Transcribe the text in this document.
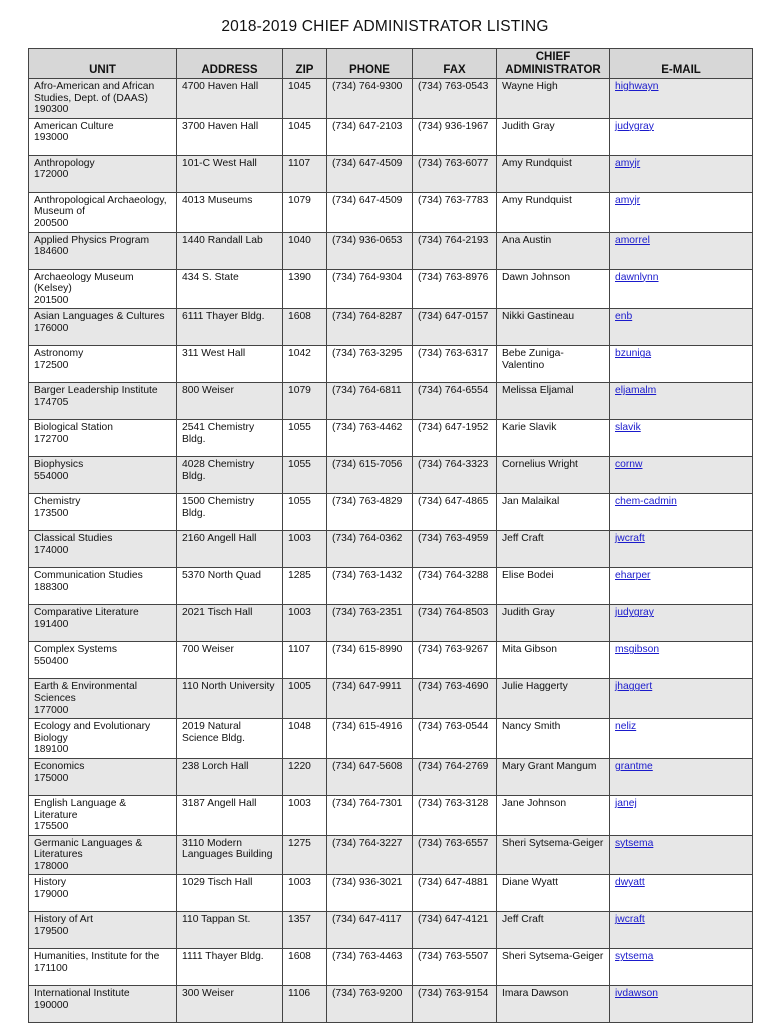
2018-2019 CHIEF ADMINISTRATOR LISTING
UNIT	ADDRESS	ZIP	PHONE	FAX	CHIEF ADMINISTRATOR	E-MAIL

Afro-American and African Studies, Dept. of (DAAS)
190300	4700 Haven Hall	1045	(734) 764-9300	(734) 763-0543	Wayne High	highwayn

American Culture
193000	3700 Haven Hall	1045	(734) 647-2103	(734) 936-1967	Judith Gray	judygray

Anthropology
172000	101-C West Hall	1107	(734) 647-4509	(734) 763-6077	Amy Rundquist	amyjr

Anthropological Archaeology, Museum of
200500	4013 Museums	1079	(734) 647-4509	(734) 763-7783	Amy Rundquist	amyjr

Applied Physics Program
184600	1440 Randall Lab	1040	(734) 936-0653	(734) 764-2193	Ana Austin	amorrel

Archaeology Museum (Kelsey)
201500	434 S. State	1390	(734) 764-9304	(734) 763-8976	Dawn Johnson	dawnlynn

Asian Languages & Cultures
176000	6111 Thayer Bldg.	1608	(734) 764-8287	(734) 647-0157	Nikki Gastineau	enb

Astronomy
172500	311 West Hall	1042	(734) 763-3295	(734) 763-6317	Bebe Zuniga-Valentino	bzuniga

Barger Leadership Institute
174705	800 Weiser	1079	(734) 764-6811	(734) 764-6554	Melissa Eljamal	eljamalm

Biological Station
172700	2541 Chemistry Bldg.	1055	(734) 763-4462	(734) 647-1952	Karie Slavik	slavik

Biophysics
554000	4028 Chemistry Bldg.	1055	(734) 615-7056	(734) 764-3323	Cornelius Wright	cornw

Chemistry
173500	1500 Chemistry Bldg.	1055	(734) 763-4829	(734) 647-4865	Jan Malaikal	chem-cadmin

Classical Studies
174000	2160 Angell Hall	1003	(734) 764-0362	(734) 763-4959	Jeff Craft	jwcraft

Communication Studies
188300	5370 North Quad	1285	(734) 763-1432	(734) 764-3288	Elise Bodei	eharper

Comparative Literature
191400	2021 Tisch Hall	1003	(734) 763-2351	(734) 764-8503	Judith Gray	judygray

Complex Systems
550400	700 Weiser	1107	(734) 615-8990	(734) 763-9267	Mita Gibson	msgibson

Earth & Environmental Sciences
177000	110 North University	1005	(734) 647-9911	(734) 763-4690	Julie Haggerty	jhaggert

Ecology and Evolutionary Biology
189100	2019 Natural Science Bldg.	1048	(734) 615-4916	(734) 763-0544	Nancy Smith	neliz

Economics
175000	238 Lorch Hall	1220	(734) 647-5608	(734) 764-2769	Mary Grant Mangum	grantme

English Language & Literature
175500	3187 Angell Hall	1003	(734) 764-7301	(734) 763-3128	Jane Johnson	janej

Germanic Languages & Literatures
178000	3110 Modern Languages Building	1275	(734) 764-3227	(734) 763-6557	Sheri Sytsema-Geiger	sytsema

History
179000	1029 Tisch Hall	1003	(734) 936-3021	(734) 647-4881	Diane Wyatt	dwyatt

History of Art
179500	110 Tappan St.	1357	(734) 647-4117	(734) 647-4121	Jeff Craft	jwcraft

Humanities, Institute for the
171100	1111 Thayer Bldg.	1608	(734) 763-4463	(734) 763-5507	Sheri Sytsema-Geiger	sytsema

International Institute
190000	300 Weiser	1106	(734) 763-9200	(734) 763-9154	Imara Dawson	ivdawson
